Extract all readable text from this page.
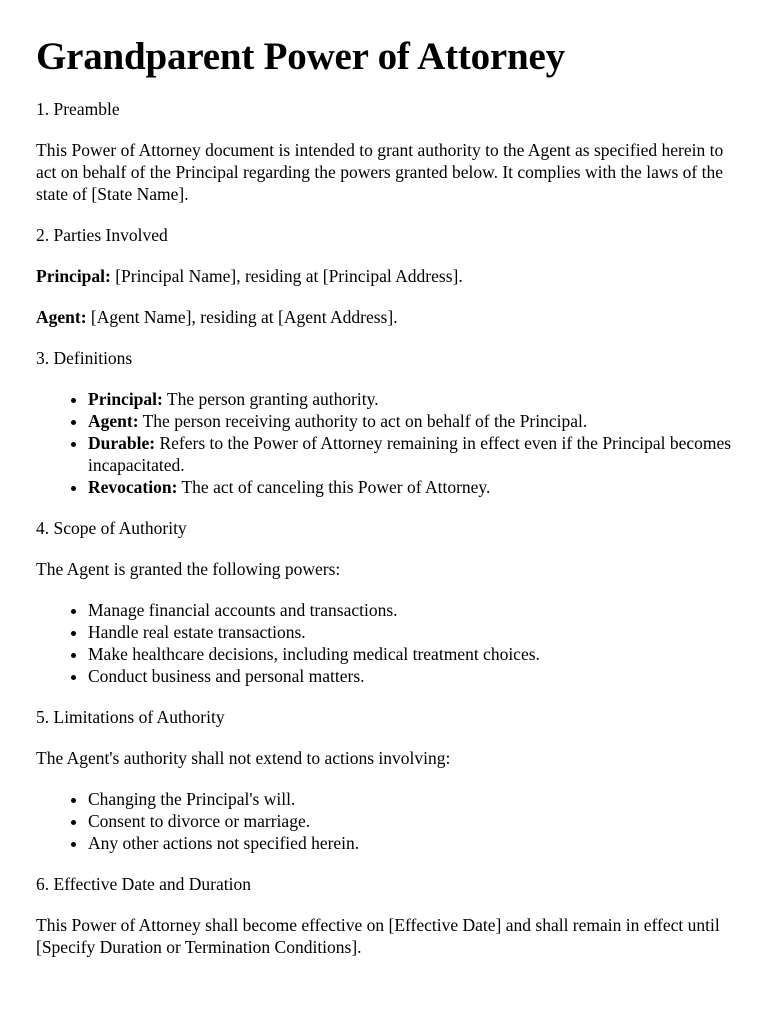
Grandparent Power of Attorney
1. Preamble

This Power of Attorney document is intended to grant authority to the Agent as specified herein to act on behalf of the Principal regarding the powers granted below. It complies with the laws of the state of [State Name].

2. Parties Involved

Principal: [Principal Name], residing at [Principal Address].

Agent: [Agent Name], residing at [Agent Address].

3. Definitions
• Principal: The person granting authority.
• Agent: The person receiving authority to act on behalf of the Principal.
• Durable: Refers to the Power of Attorney remaining in effect even if the Principal becomes incapacitated.
• Revocation: The act of canceling this Power of Attorney.
4. Scope of Authority

The Agent is granted the following powers:

• Manage financial accounts and transactions.
• Handle real estate transactions.
• Make healthcare decisions, including medical treatment choices.
• Conduct business and personal matters.
5. Limitations of Authority

The Agent's authority shall not extend to actions involving:

• Changing the Principal's will.
• Consent to divorce or marriage.
• Any other actions not specified herein.
6. Effective Date and Duration

This Power of Attorney shall become effective on [Effective Date] and shall remain in effect until [Specify Duration or Termination Conditions].
